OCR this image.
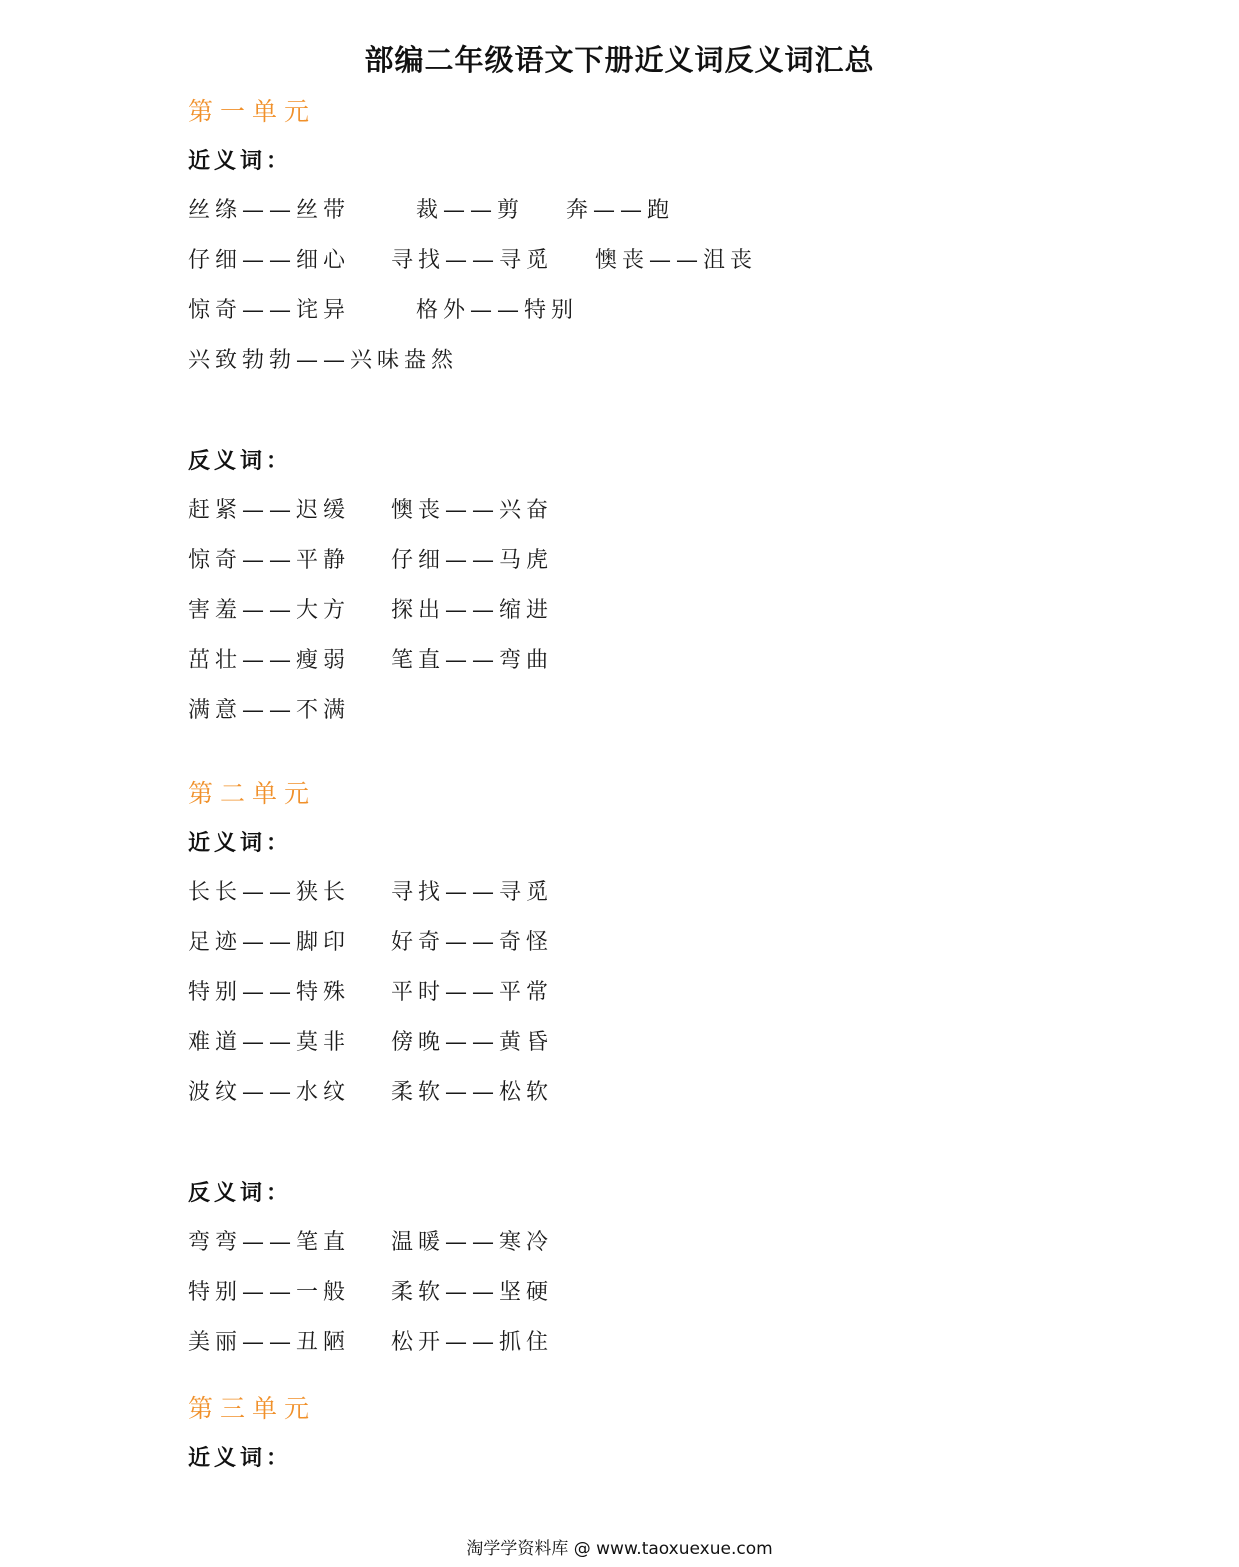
部编二年级语文下册近义词反义词汇总
第一单元
近义词：
丝绦——丝带	裁——剪 奔——跑
仔细——细心 寻找——寻觅 懊丧——沮丧
惊奇——诧异	格外——特别
兴致勃勃——兴味盎然
反义词：
赶紧——迟缓 懊丧——兴奋
惊奇——平静 仔细——马虎
害羞——大方 探出——缩进
茁壮——瘦弱 笔直——弯曲
满意——不满
第二单元
近义词：
长长——狭长 寻找——寻觅
足迹——脚印 好奇——奇怪
特别——特殊 平时——平常
难道——莫非 傍晚——黄昏
波纹——水纹 柔软——松软
反义词：
弯弯——笔直 温暖——寒冷
特别——一般 柔软——坚硬
美丽——丑陋 松开——抓住
第三单元
近义词：
淘学学资料库 @ www.taoxuexue.com
